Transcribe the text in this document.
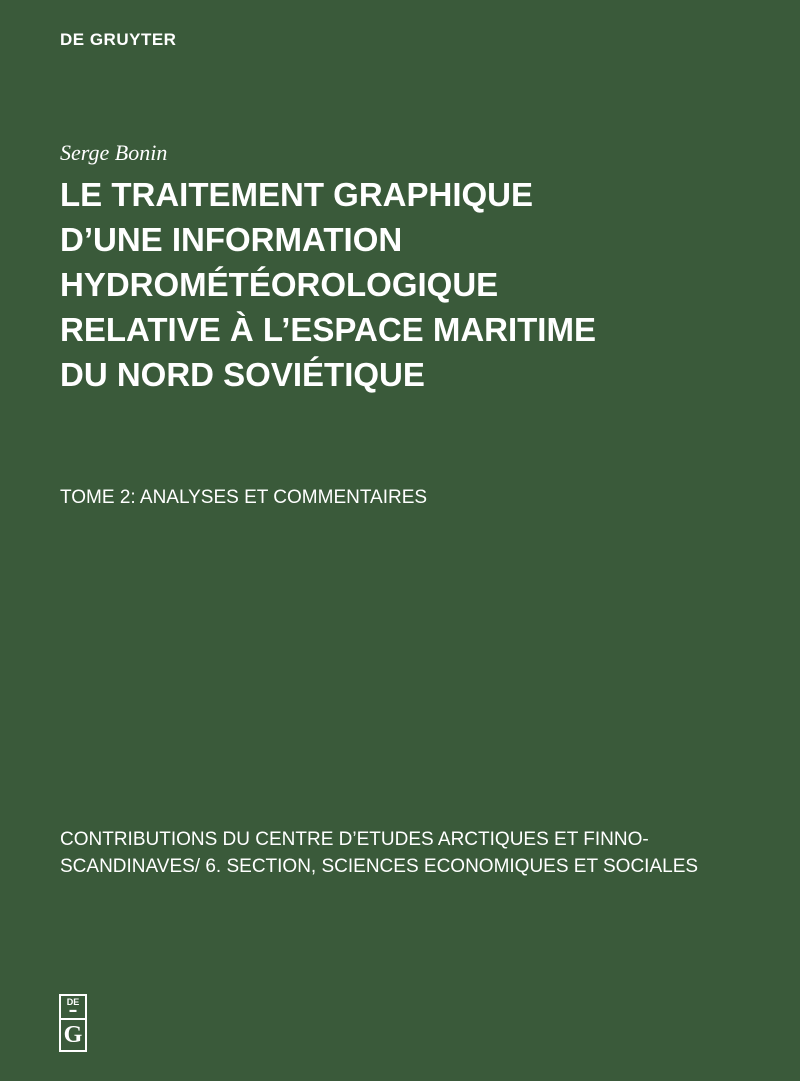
DE GRUYTER
Serge Bonin
LE TRAITEMENT GRAPHIQUE
D’UNE INFORMATION
HYDROMÉTÉOROLOGIQUE
RELATIVE À L’ESPACE MARITIME
DU NORD SOVIÉTIQUE
TOME 2: ANALYSES ET COMMENTAIRES
CONTRIBUTIONS DU CENTRE D’ETUDES ARCTIQUES ET FINNO-
SCANDINAVES/ 6. SECTION, SCIENCES ECONOMIQUES ET SOCIALES
DE
▬
G
